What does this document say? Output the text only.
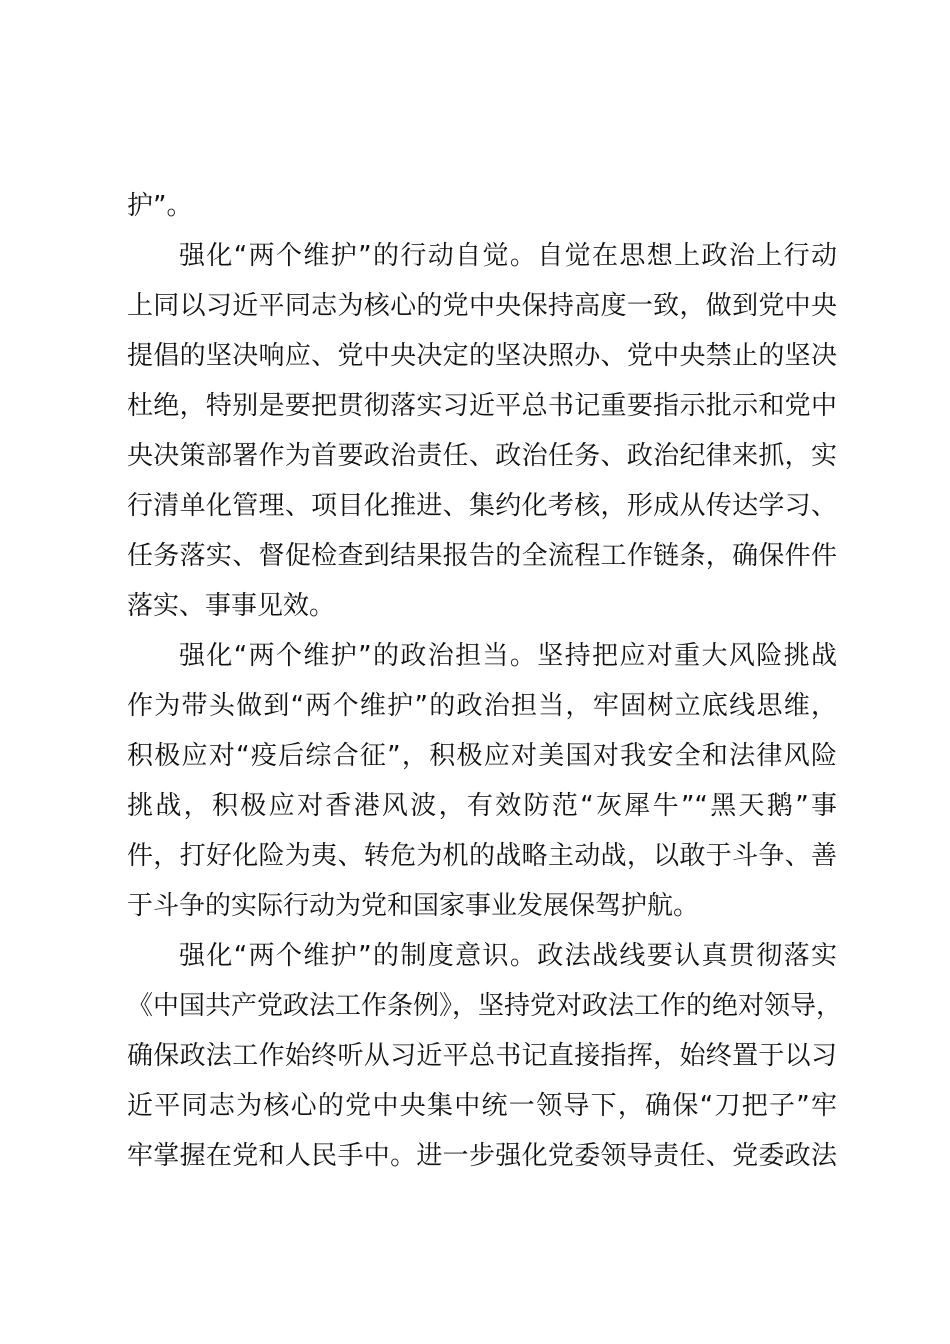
护”。
强化“两个维护”的行动自觉。自觉在思想上政治上行动
上同以习近平同志为核心的党中央保持高度一致，做到党中央
提倡的坚决响应、党中央决定的坚决照办、党中央禁止的坚决
杜绝，特别是要把贯彻落实习近平总书记重要指示批示和党中
央决策部署作为首要政治责任、政治任务、政治纪律来抓，实
行清单化管理、项目化推进、集约化考核，形成从传达学习、
任务落实、督促检查到结果报告的全流程工作链条，确保件件
落实、事事见效。
强化“两个维护”的政治担当。坚持把应对重大风险挑战
作为带头做到“两个维护”的政治担当，牢固树立底线思维，
积极应对“疫后综合征”，积极应对美国对我安全和法律风险
挑战，积极应对香港风波，有效防范“灰犀牛”“黑天鹅”事
件，打好化险为夷、转危为机的战略主动战，以敢于斗争、善
于斗争的实际行动为党和国家事业发展保驾护航。
强化“两个维护”的制度意识。政法战线要认真贯彻落实
《中国共产党政法工作条例》，坚持党对政法工作的绝对领导，
确保政法工作始终听从习近平总书记直接指挥，始终置于以习
近平同志为核心的党中央集中统一领导下，确保“刀把子”牢
牢掌握在党和人民手中。进一步强化党委领导责任、党委政法
